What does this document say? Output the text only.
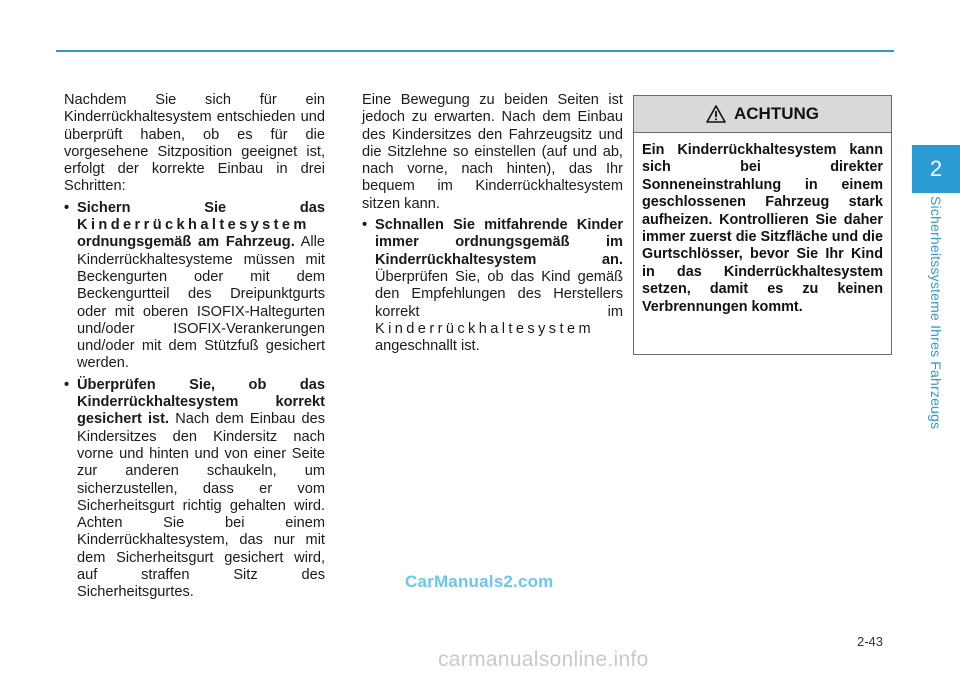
Nachdem Sie sich für ein Kinderrückhaltesystem entschieden und überprüft haben, ob es für die vorgesehene Sitzposition geeignet ist, erfolgt der korrekte Einbau in drei Schritten:

• Sichern Sie das Kinderrückhaltesystem ordnungsgemäß am Fahrzeug. Alle Kinderrückhaltesysteme müssen mit Beckengurten oder mit dem Beckengurtteil des Dreipunktgurts oder mit oberen ISOFIX-Haltegurten und/oder ISOFIX-Verankerungen und/oder mit dem Stützfuß gesichert werden.
• Überprüfen Sie, ob das Kinderrückhaltesystem korrekt gesichert ist. Nach dem Einbau des Kindersitzes den Kindersitz nach vorne und hinten und von einer Seite zur anderen schaukeln, um sicherzustellen, dass er vom Sicherheitsgurt richtig gehalten wird. Achten Sie bei einem Kinderrückhaltesystem, das nur mit dem Sicherheitsgurt gesichert wird, auf straffen Sitz des Sicherheitsgurtes.

Eine Bewegung zu beiden Seiten ist jedoch zu erwarten. Nach dem Einbau des Kindersitzes den Fahrzeugsitz und die Sitzlehne so einstellen (auf und ab, nach vorne, nach hinten), das Ihr bequem im Kinderrückhaltesystem sitzen kann.

• Schnallen Sie mitfahrende Kinder immer ordnungsgemäß im Kinderrückhaltesystem an. Überprüfen Sie, ob das Kind gemäß den Empfehlungen des Herstellers korrekt im Kinderrückhaltesystem angeschnallt ist.
ACHTUNG
Ein Kinderrückhaltesystem kann sich bei direkter Sonneneinstrahlung in einem geschlossenen Fahrzeug stark aufheizen. Kontrollieren Sie daher immer zuerst die Sitzfläche und die Gurtschlösser, bevor Sie Ihr Kind in das Kinderrückhaltesystem setzen, damit es zu keinen Verbrennungen kommt.
2
Sicherheitssysteme Ihres Fahrzeugs
CarManuals2.com
2-43
carmanualsonline.info
